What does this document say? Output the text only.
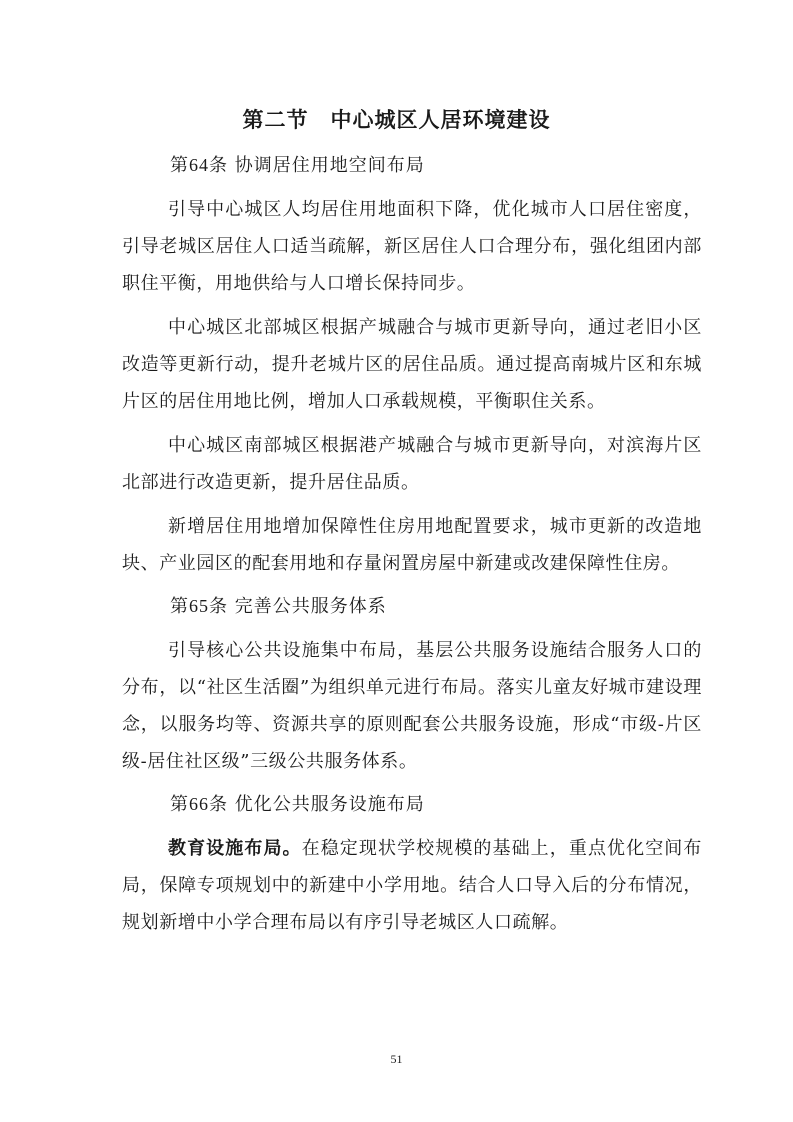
第二节　中心城区人居环境建设
第64条 协调居住用地空间布局

引导中心城区人均居住用地面积下降，优化城市人口居住密度，引导老城区居住人口适当疏解，新区居住人口合理分布，强化组团内部职住平衡，用地供给与人口增长保持同步。

中心城区北部城区根据产城融合与城市更新导向，通过老旧小区改造等更新行动，提升老城片区的居住品质。通过提高南城片区和东城片区的居住用地比例，增加人口承载规模，平衡职住关系。

中心城区南部城区根据港产城融合与城市更新导向，对滨海片区北部进行改造更新，提升居住品质。

新增居住用地增加保障性住房用地配置要求，城市更新的改造地块、产业园区的配套用地和存量闲置房屋中新建或改建保障性住房。

第65条 完善公共服务体系

引导核心公共设施集中布局，基层公共服务设施结合服务人口的分布，以“社区生活圈”为组织单元进行布局。落实儿童友好城市建设理念，以服务均等、资源共享的原则配套公共服务设施，形成“市级-片区级-居住社区级”三级公共服务体系。

第66条 优化公共服务设施布局

教育设施布局。在稳定现状学校规模的基础上，重点优化空间布局，保障专项规划中的新建中小学用地。结合人口导入后的分布情况，规划新增中小学合理布局以有序引导老城区人口疏解。

51
